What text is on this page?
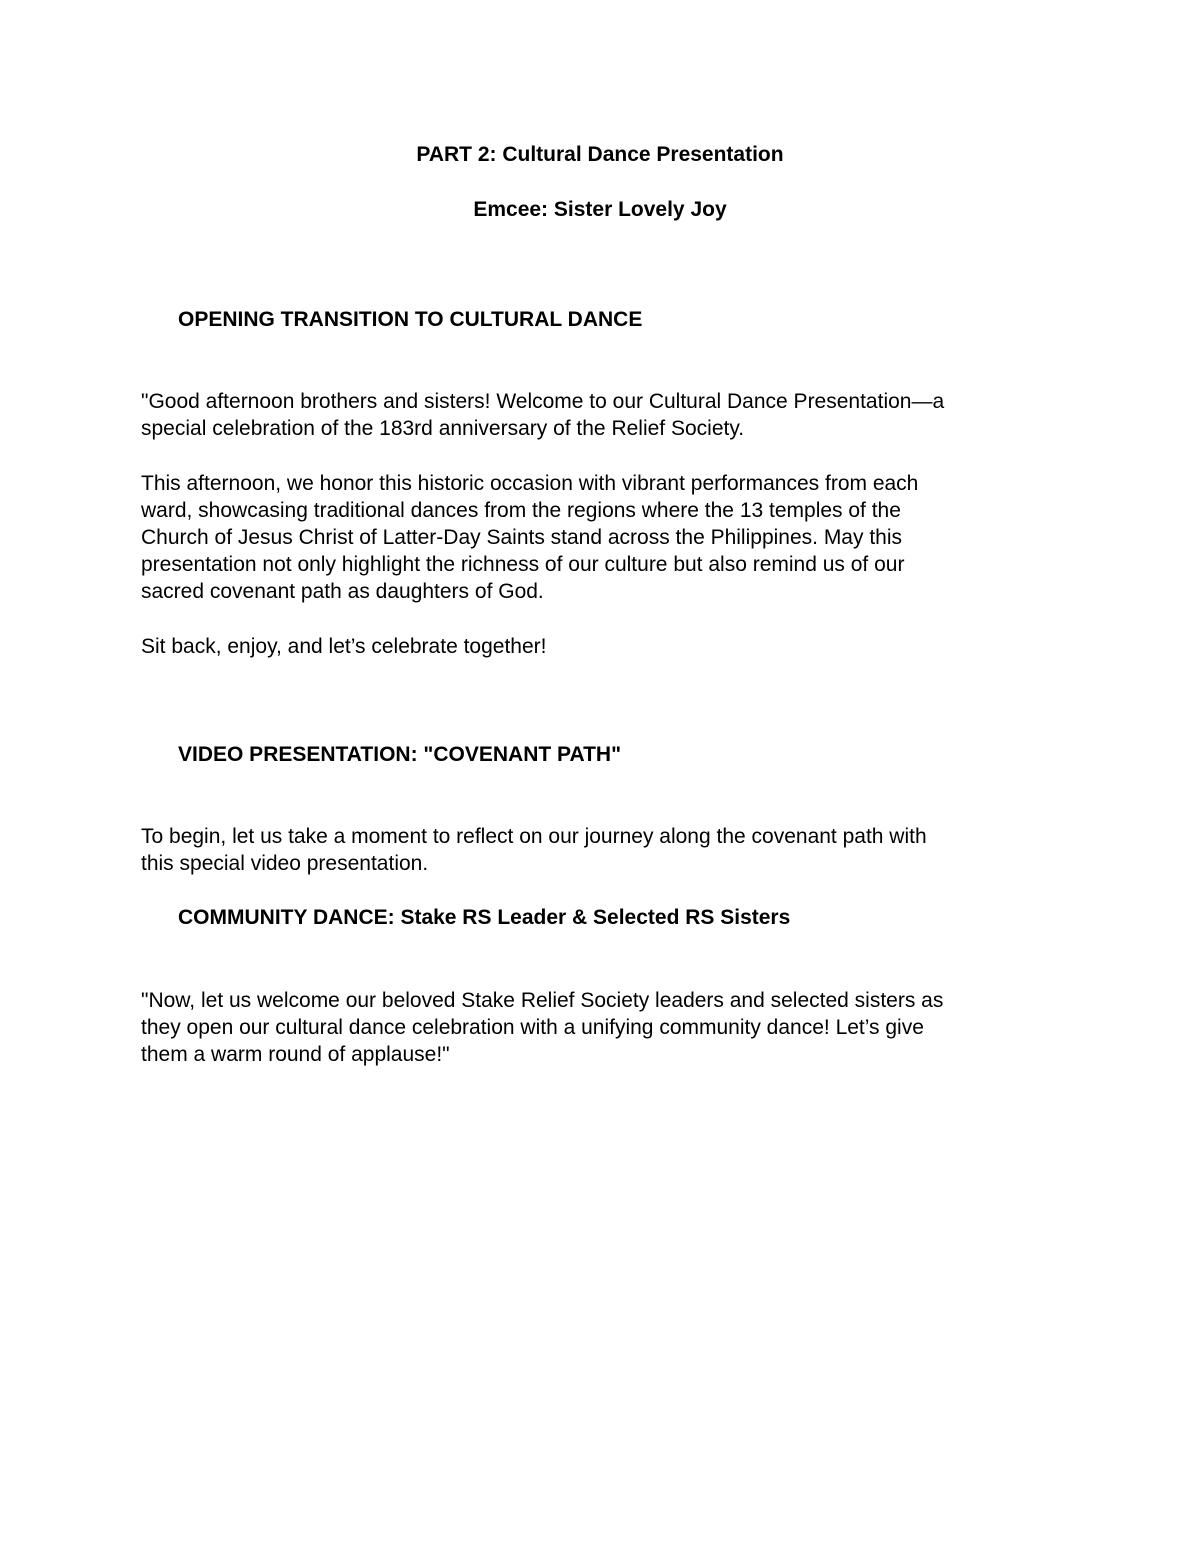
PART 2: Cultural Dance Presentation
Emcee: Sister Lovely Joy
OPENING TRANSITION TO CULTURAL DANCE

"Good afternoon brothers and sisters! Welcome to our Cultural Dance Presentation—a
special celebration of the 183rd anniversary of the Relief Society.

This afternoon, we honor this historic occasion with vibrant performances from each
ward, showcasing traditional dances from the regions where the 13 temples of the
Church of Jesus Christ of Latter-Day Saints stand across the Philippines. May this
presentation not only highlight the richness of our culture but also remind us of our
sacred covenant path as daughters of God.

Sit back, enjoy, and let’s celebrate together!

VIDEO PRESENTATION: "COVENANT PATH"

To begin, let us take a moment to reflect on our journey along the covenant path with
this special video presentation.

COMMUNITY DANCE: Stake RS Leader & Selected RS Sisters

"Now, let us welcome our beloved Stake Relief Society leaders and selected sisters as
they open our cultural dance celebration with a unifying community dance! Let’s give
them a warm round of applause!"
